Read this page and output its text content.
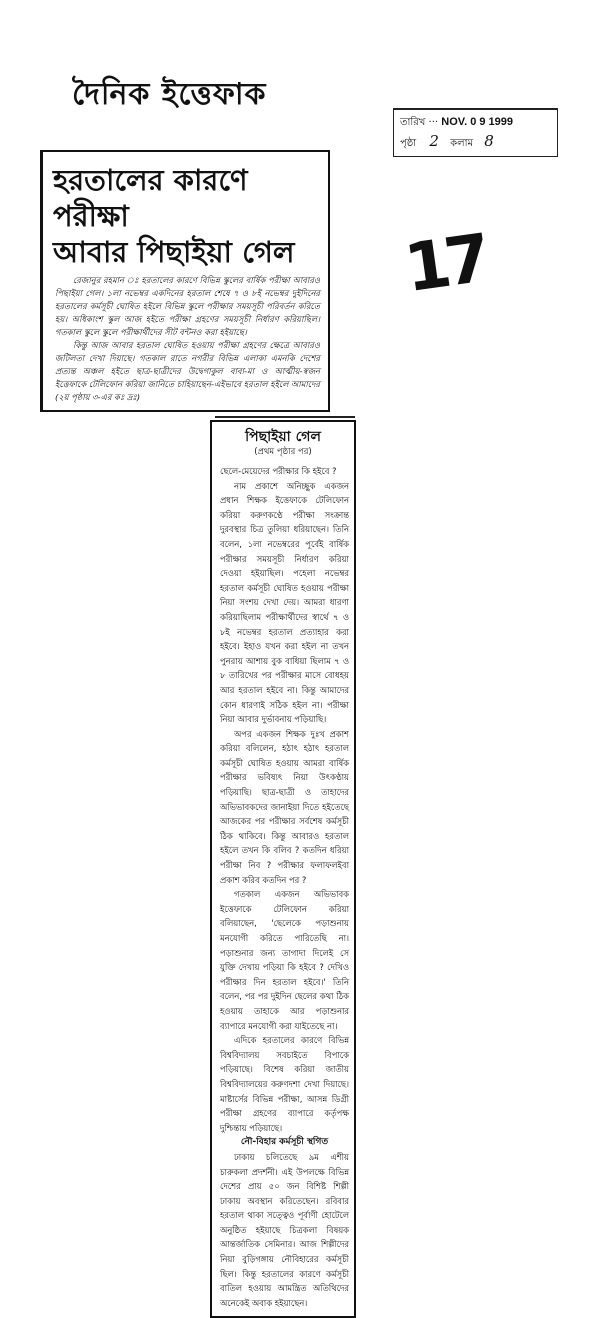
দৈনিক ইত্তেফাক
তারিখ ··· NOV. 0 9 1999
পৃষ্ঠা 2 কলাম 8
17
হরতালের কারণে পরীক্ষা
আবার পিছাইয়া গেল

রেজানুর রহমান ঃ হরতালের কারণে বিভিন্ন স্কুলের বার্ষিক পরীক্ষা আবারও পিছাইয়া গেল। ১লা নভেম্বর একদিনের হরতাল শেষে ৭ ও ৮ই নভেম্বর দুইদিনের হরতালের কর্মসূচী ঘোষিত হইলে বিভিন্ন স্কুলে পরীক্ষার সময়সূচী পরিবর্তন করিতে হয়। অধিকাংশ স্কুল আজ হইতে পরীক্ষা গ্রহণের সময়সূচী নির্ধারণ করিয়াছিল। গতকাল স্কুলে স্কুলে পরীক্ষার্থীদের সীট বন্টনও করা হইয়াছে।

কিন্তু আজ আবার হরতাল ঘোষিত হওয়ায় পরীক্ষা গ্রহণের ক্ষেত্রে আবারও জটিলতা দেখা দিয়াছে। গতকাল রাতে নগরীর বিভিন্ন এলাকা এমনকি দেশের প্রত্যন্ত অঞ্চল হইতে ছাত্র-ছাত্রীদের উদ্বেগাকুল বাবা-মা ও আত্মীয়-স্বজন ইত্তেফাকে টেলিফোন করিয়া জানিতে চাহিয়াছেন-এইভাবে হরতাল হইলে আমাদের (২য় পৃষ্ঠায় ৩-এর কঃ দ্রঃ)

পিছাইয়া গেল
(প্রথম পৃষ্ঠার পর)

ছেলে-মেয়েদের পরীক্ষার কি হইবে ?

নাম প্রকাশে অনিচ্ছুক একজন প্রধান শিক্ষক ইত্তেফাকে টেলিফোন করিয়া করুণকণ্ঠে পরীক্ষা সংক্রান্ত দুরবস্থার চিত্র তুলিয়া ধরিয়াছেন। তিনি বলেন, ১লা নভেম্বরের পূর্বেই বার্ষিক পরীক্ষার সময়সূচী নির্ধারণ করিয়া দেওয়া হইয়াছিল। পহেলা নভেম্বর হরতাল কর্মসূচী ঘোষিত হওয়ায় পরীক্ষা নিয়া সংশয় দেখা দেয়। আমরা ধারণা করিয়াছিলাম পরীক্ষার্থীদের স্বার্থে ৭ ও ৮ই নভেম্বর হরতাল প্রত্যাহার করা হইবে। ইহাও যখন করা হইল না তখন পুনরায় আশায় বুক বাধিয়া ছিলাম ৭ ও ৮ তারিখের পর পরীক্ষার মাসে বোধহয় আর হরতাল হইবে না। কিন্তু আমাদের কোন ধারণাই সঠিক হইল না। পরীক্ষা নিয়া আবার দুর্ভাবনায় পড়িয়াছি।

অপর একজন শিক্ষক দুঃখ প্রকাশ করিয়া বলিলেন, হঠাৎ হঠাৎ হরতাল কর্মসূচী ঘোষিত হওয়ায় আমরা বার্ষিক পরীক্ষার ভবিষ্যৎ নিয়া উৎকণ্ঠায় পড়িয়াছি। ছাত্র-ছাত্রী ও তাহাদের অভিভাবকদের জানাইয়া দিতে হইতেছে আজকের পর পরীক্ষার সর্বশেষ কর্মসূচী ঠিক থাকিবে। কিন্তু আবারও হরতাল হইলে তখন কি বলিব ? কতদিন ধরিয়া পরীক্ষা নিব ? পরীক্ষার ফলাফলইবা প্রকাশ করিব কতদিন পর ?

গতকাল একজন অভিভাবক ইত্তেফাকে টেলিফোন করিয়া বলিয়াছেন, 'ছেলেকে পড়াশুনায় মনযোগী করিতে পারিতেছি না। পড়াশুনার জন্য তাগাদা দিলেই সে যুক্তি দেখায় পড়িয়া কি হইবে ? দেখিও পরীক্ষার দিন হরতাল হইবে।' তিনি বলেন, পর পর দুইদিন ছেলের কথা ঠিক হওয়ায় তাহাকে আর পড়াশুনার ব্যাপারে মনযোগী করা যাইতেছে না।

এদিকে হরতালের কারণে বিভিন্ন বিশ্ববিদ্যালয় সবচাইতে বিপাকে পড়িয়াছে। বিশেষ করিয়া জাতীয় বিশ্ববিদ্যালয়ের করুণদশা দেখা দিয়াছে। মাষ্টার্সের বিভিন্ন পরীক্ষা, আসন্ন ডিগ্রী পরীক্ষা গ্রহণের ব্যাপারে কর্তৃপক্ষ দুশ্চিন্তায় পড়িয়াছে।

নৌ-বিহার কর্মসূচী স্থগিত

ঢাকায় চলিতেছে ৯ম এশীয় চারুকলা প্রদর্শনী। এই উপলক্ষে বিভিন্ন দেশের প্রায় ৫০ জন বিশিষ্ট শিল্পী ঢাকায় অবস্থান করিতেছেন। রবিবার হরতাল থাকা সত্ত্বেও পূর্বাণী হোটেলে অনুষ্ঠিত হইয়াছে চিত্রকলা বিষয়ক আন্তর্জাতিক সেমিনার। আজ শিল্পীদের নিয়া বুড়িগঙ্গায় নৌবিহারের কর্মসূচী ছিল। কিন্তু হরতালের কারণে কর্মসূচী বাতিল হওয়ায় আমন্ত্রিত অতিথিদের অনেকেই অবাক হইয়াছেন।
